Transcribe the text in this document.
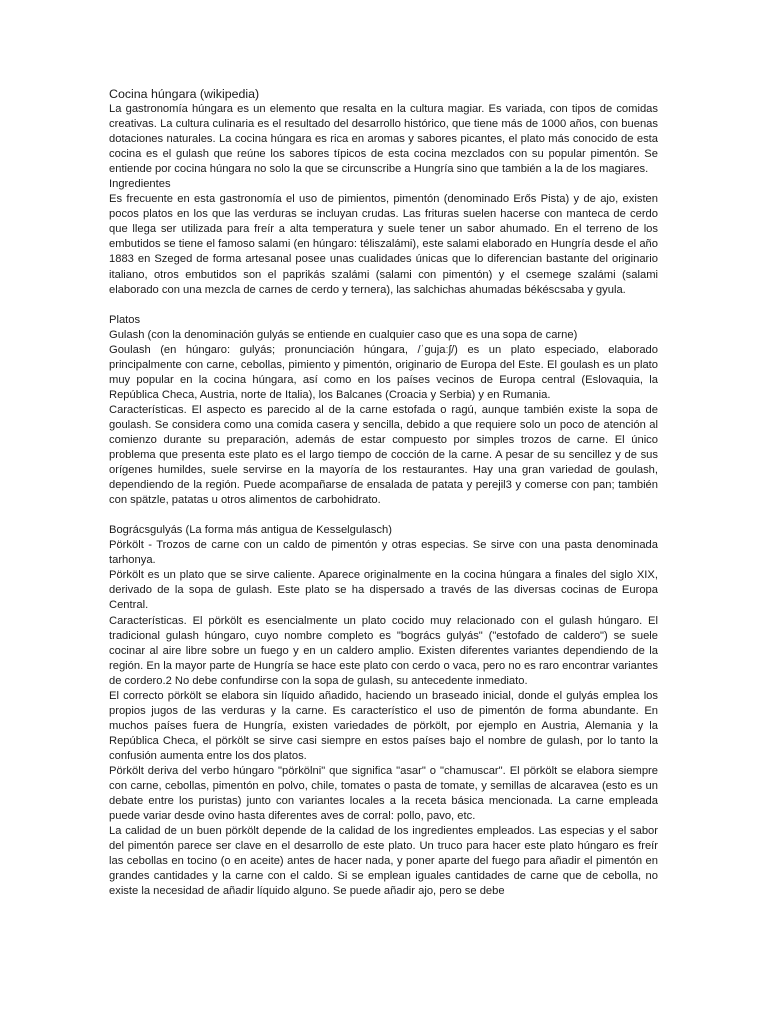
Cocina húngara (wikipedia)

La gastronomía húngara es un elemento que resalta en la cultura magiar. Es variada, con tipos de comidas creativas. La cultura culinaria es el resultado del desarrollo histórico, que tiene más de 1000 años, con buenas dotaciones naturales. La cocina húngara es rica en aromas y sabores picantes, el plato más conocido de esta cocina es el gulash que reúne los sabores típicos de esta cocina mezclados con su popular pimentón. Se entiende por cocina húngara no solo la que se circunscribe a Hungría sino que también a la de los magiares.

Ingredientes

Es frecuente en esta gastronomía el uso de pimientos, pimentón (denominado Erős Pista) y de ajo, existen pocos platos en los que las verduras se incluyan crudas. Las frituras suelen hacerse con manteca de cerdo que llega ser utilizada para freír a alta temperatura y suele tener un sabor ahumado. En el terreno de los embutidos se tiene el famoso salami (en húngaro: téliszalámi), este salami elaborado en Hungría desde el año 1883 en Szeged de forma artesanal posee unas cualidades únicas que lo diferencian bastante del originario italiano, otros embutidos son el paprikás szalámi (salami con pimentón) y el csemege szalámi (salami elaborado con una mezcla de carnes de cerdo y ternera), las salchichas ahumadas békéscsaba y gyula.

Platos

Gulash (con la denominación gulyás se entiende en cualquier caso que es una sopa de carne)

Goulash (en húngaro: gulyás; pronunciación húngara, /ˈɡujaːʃ/) es un plato especiado, elaborado principalmente con carne, cebollas, pimiento y pimentón, originario de Europa del Este. El goulash es un plato muy popular en la cocina húngara, así como en los países vecinos de Europa central (Eslovaquia, la República Checa, Austria, norte de Italia), los Balcanes (Croacia y Serbia) y en Rumania.

Características. El aspecto es parecido al de la carne estofada o ragú, aunque también existe la sopa de goulash. Se considera como una comida casera y sencilla, debido a que requiere solo un poco de atención al comienzo durante su preparación, además de estar compuesto por simples trozos de carne. El único problema que presenta este plato es el largo tiempo de cocción de la carne. A pesar de su sencillez y de sus orígenes humildes, suele servirse en la mayoría de los restaurantes. Hay una gran variedad de goulash, dependiendo de la región. Puede acompañarse de ensalada de patata y perejil3 y comerse con pan; también con spätzle, patatas u otros alimentos de carbohidrato.

Bográcsgulyás (La forma más antigua de Kesselgulasch)

Pörkölt - Trozos de carne con un caldo de pimentón y otras especias. Se sirve con una pasta denominada tarhonya.

Pörkölt es un plato que se sirve caliente. Aparece originalmente en la cocina húngara a finales del siglo XIX, derivado de la sopa de gulash. Este plato se ha dispersado a través de las diversas cocinas de Europa Central.

Características. El pörkölt es esencialmente un plato cocido muy relacionado con el gulash húngaro. El tradicional gulash húngaro, cuyo nombre completo es "bogrács gulyás" ("estofado de caldero") se suele cocinar al aire libre sobre un fuego y en un caldero amplio. Existen diferentes variantes dependiendo de la región. En la mayor parte de Hungría se hace este plato con cerdo o vaca, pero no es raro encontrar variantes de cordero.2 No debe confundirse con la sopa de gulash, su antecedente inmediato.

El correcto pörkölt se elabora sin líquido añadido, haciendo un braseado inicial, donde el gulyás emplea los propios jugos de las verduras y la carne. Es característico el uso de pimentón de forma abundante. En muchos países fuera de Hungría, existen variedades de pörkölt, por ejemplo en Austria, Alemania y la República Checa, el pörkölt se sirve casi siempre en estos países bajo el nombre de gulash, por lo tanto la confusión aumenta entre los dos platos.

Pörkölt deriva del verbo húngaro "pörkölni" que significa "asar" o "chamuscar". El pörkölt se elabora siempre con carne, cebollas, pimentón en polvo, chile, tomates o pasta de tomate, y semillas de alcaravea (esto es un debate entre los puristas) junto con variantes locales a la receta básica mencionada. La carne empleada puede variar desde ovino hasta diferentes aves de corral: pollo, pavo, etc.

La calidad de un buen pörkölt depende de la calidad de los ingredientes empleados. Las especias y el sabor del pimentón parece ser clave en el desarrollo de este plato. Un truco para hacer este plato húngaro es freír las cebollas en tocino (o en aceite) antes de hacer nada, y poner aparte del fuego para añadir el pimentón en grandes cantidades y la carne con el caldo. Si se emplean iguales cantidades de carne que de cebolla, no existe la necesidad de añadir líquido alguno. Se puede añadir ajo, pero se debe
